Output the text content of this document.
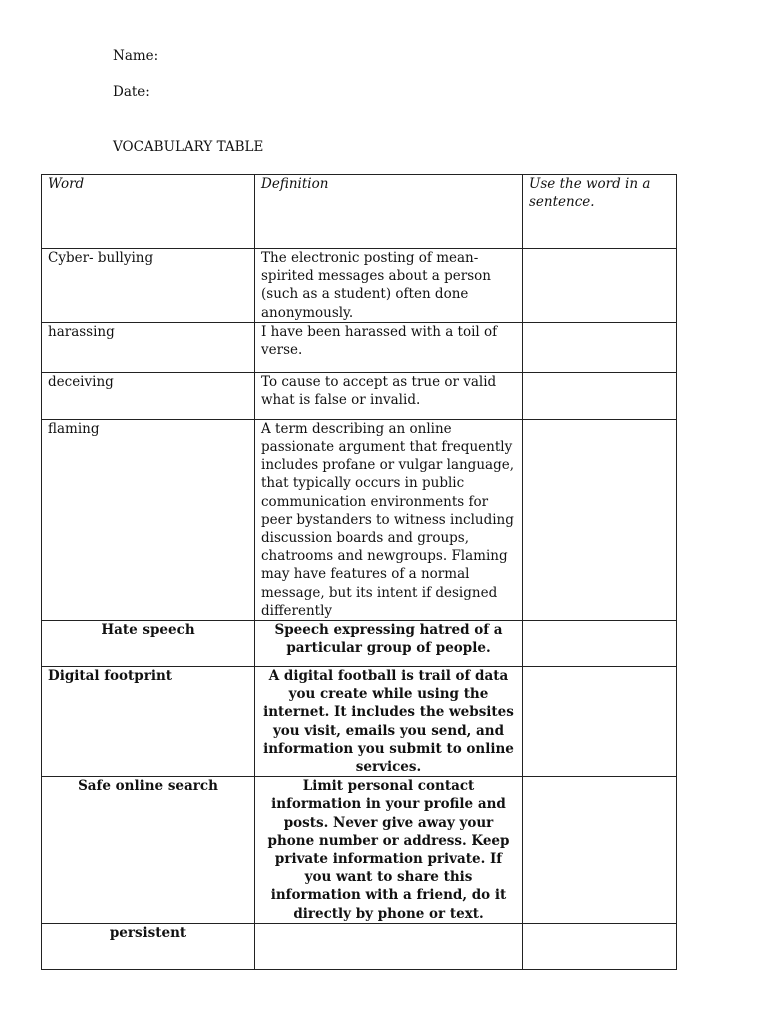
Name:
Date:
VOCABULARY TABLE
Word	Definition	Use the word in a sentence.
Cyber- bullying	The electronic posting of mean-spirited messages about a person (such as a student) often done anonymously.	
harassing	I have been harassed with a toil of verse.	
deceiving	To cause to accept as true or valid what is false or invalid.	
flaming	A term describing an online passionate argument that frequently includes profane or vulgar language, that typically occurs in public communication environments for peer bystanders to witness including discussion boards and groups, chatrooms and newgroups. Flaming may have features of a normal message, but its intent if designed differently	
Hate speech	Speech expressing hatred of a particular group of people.	
Digital footprint	A digital football is trail of data you create while using the internet. It includes the websites you visit, emails you send, and information you submit to online services.	
Safe online search	Limit personal contact information in your profile and posts. Never give away your phone number or address. Keep private information private. If you want to share this information with a friend, do it directly by phone or text.	
persistent		
